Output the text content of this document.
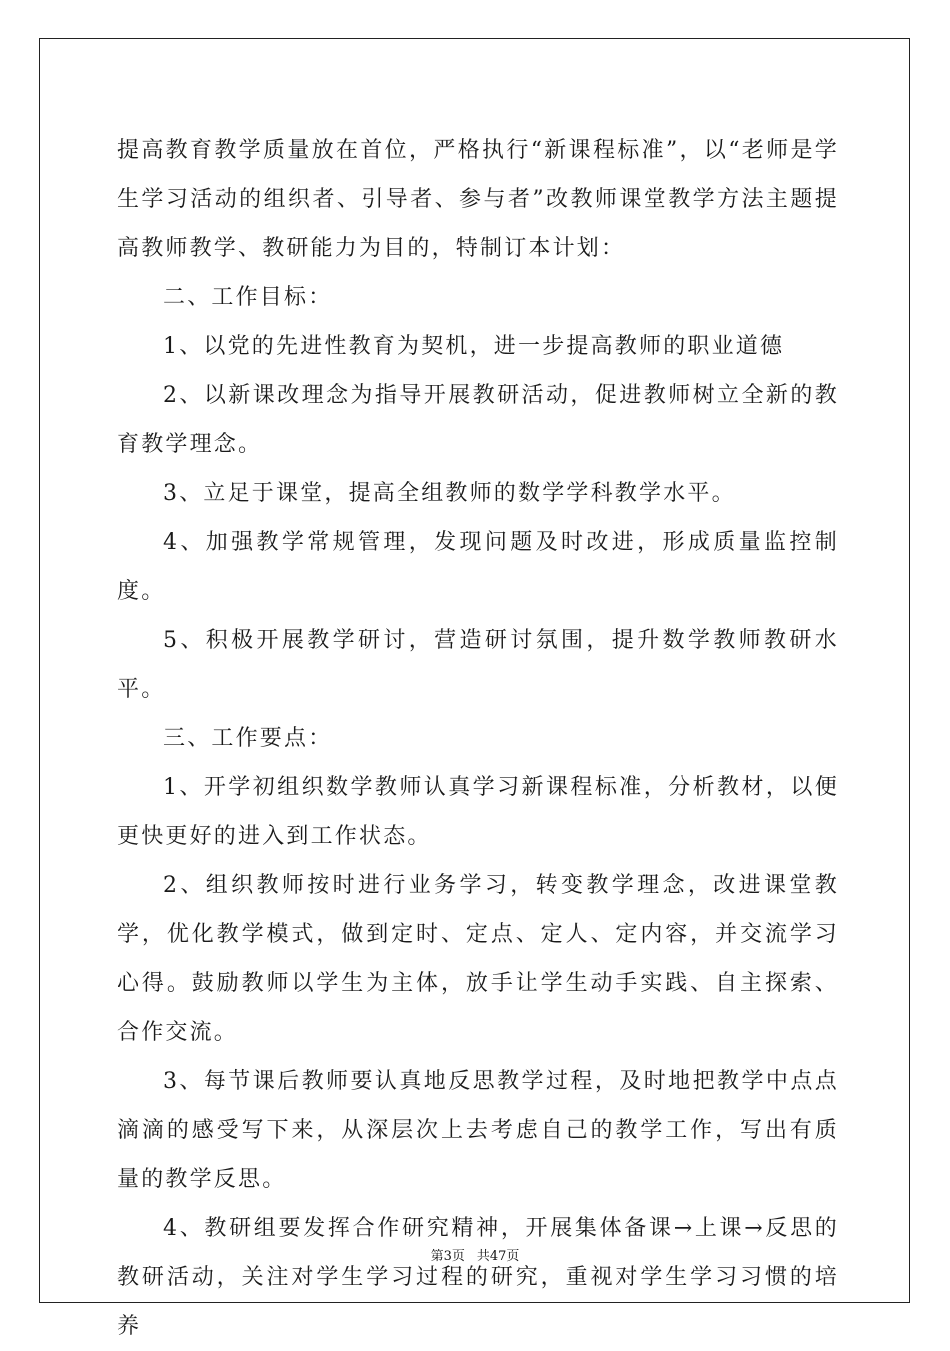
提高教育教学质量放在首位，严格执行“新课程标准”，以“老师是学生学习活动的组织者、引导者、参与者”改教师课堂教学方法主题提高教师教学、教研能力为目的，特制订本计划：

二、工作目标：

1、以党的先进性教育为契机，进一步提高教师的职业道德

2、以新课改理念为指导开展教研活动，促进教师树立全新的教育教学理念。

3、立足于课堂，提高全组教师的数学学科教学水平。

4、加强教学常规管理，发现问题及时改进，形成质量监控制度。

5、积极开展教学研讨，营造研讨氛围，提升数学教师教研水平。

三、工作要点：

1、开学初组织数学教师认真学习新课程标准，分析教材，以便更快更好的进入到工作状态。

2、组织教师按时进行业务学习，转变教学理念，改进课堂教学，优化教学模式，做到定时、定点、定人、定内容，并交流学习心得。鼓励教师以学生为主体，放手让学生动手实践、自主探索、合作交流。

3、每节课后教师要认真地反思教学过程，及时地把教学中点点滴滴的感受写下来，从深层次上去考虑自己的教学工作，写出有质量的教学反思。

4、教研组要发挥合作研究精神，开展集体备课→上课→反思的教研活动，关注对学生学习过程的研究，重视对学生学习习惯的培养

第3页 共47页
